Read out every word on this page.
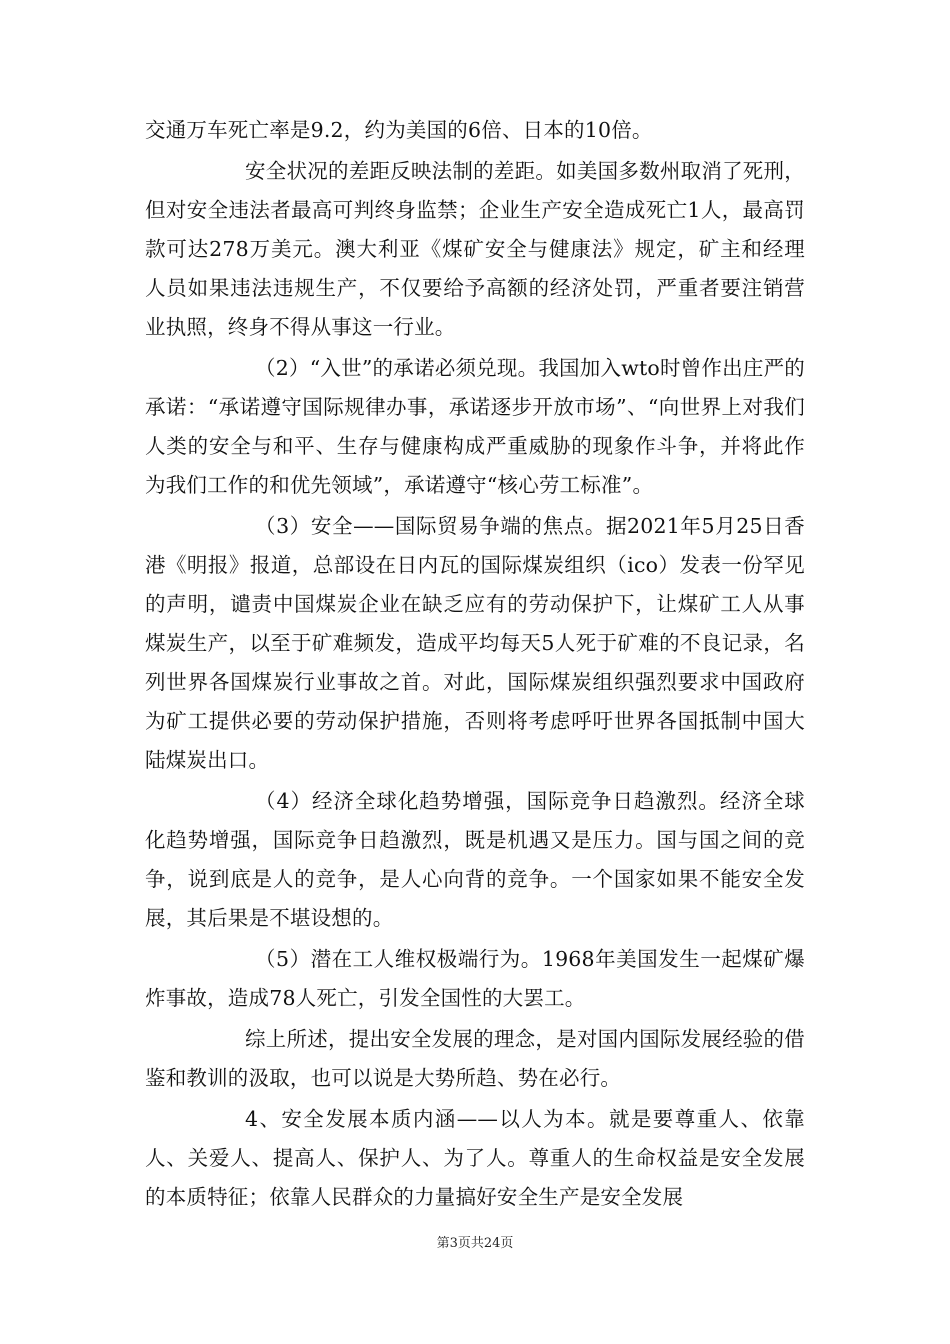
交通万车死亡率是9.2，约为美国的6倍、日本的10倍。

安全状况的差距反映法制的差距。如美国多数州取消了死刑，但对安全违法者最高可判终身监禁；企业生产安全造成死亡1人，最高罚款可达278万美元。澳大利亚《煤矿安全与健康法》规定，矿主和经理人员如果违法违规生产，不仅要给予高额的经济处罚，严重者要注销营业执照，终身不得从事这一行业。

（2）“入世”的承诺必须兑现。我国加入wto时曾作出庄严的承诺：“承诺遵守国际规律办事，承诺逐步开放市场”、“向世界上对我们人类的安全与和平、生存与健康构成严重威胁的现象作斗争，并将此作为我们工作的和优先领域”，承诺遵守“核心劳工标准”。

（3）安全——国际贸易争端的焦点。据2021年5月25日香港《明报》报道，总部设在日内瓦的国际煤炭组织（ico）发表一份罕见的声明，谴责中国煤炭企业在缺乏应有的劳动保护下，让煤矿工人从事煤炭生产，以至于矿难频发，造成平均每天5人死于矿难的不良记录，名列世界各国煤炭行业事故之首。对此，国际煤炭组织强烈要求中国政府为矿工提供必要的劳动保护措施，否则将考虑呼吁世界各国抵制中国大陆煤炭出口。

（4）经济全球化趋势增强，国际竞争日趋激烈。经济全球化趋势增强，国际竞争日趋激烈，既是机遇又是压力。国与国之间的竞争，说到底是人的竞争，是人心向背的竞争。一个国家如果不能安全发展，其后果是不堪设想的。

（5）潜在工人维权极端行为。1968年美国发生一起煤矿爆炸事故，造成78人死亡，引发全国性的大罢工。

综上所述，提出安全发展的理念，是对国内国际发展经验的借鉴和教训的汲取，也可以说是大势所趋、势在必行。

4、安全发展本质内涵——以人为本。就是要尊重人、依靠人、关爱人、提高人、保护人、为了人。尊重人的生命权益是安全发展的本质特征；依靠人民群众的力量搞好安全生产是安全发展

第3页共24页
